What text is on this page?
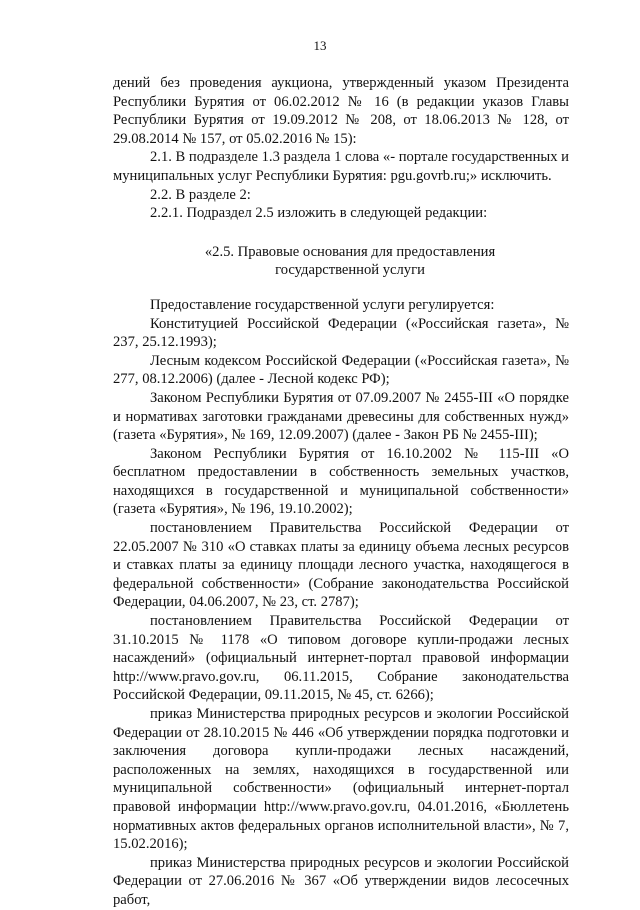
13

дений без проведения аукциона, утвержденный указом Президента Республики Бурятия от 06.02.2012 № 16 (в редакции указов Главы Республики Бурятия от 19.09.2012 № 208, от 18.06.2013 № 128, от 29.08.2014 № 157, от 05.02.2016 № 15):

2.1. В подразделе 1.3 раздела 1 слова «- портале государственных и муниципальных услуг Республики Бурятия: pgu.govrb.ru;» исключить.

2.2. В разделе 2:

2.2.1. Подраздел 2.5 изложить в следующей редакции:

«2.5. Правовые основания для предоставления
государственной услуги

Предоставление государственной услуги регулируется:

Конституцией Российской Федерации («Российская газета», № 237, 25.12.1993);

Лесным кодексом Российской Федерации («Российская газета», № 277, 08.12.2006) (далее - Лесной кодекс РФ);

Законом Республики Бурятия от 07.09.2007 № 2455-III «О порядке и нормативах заготовки гражданами древесины для собственных нужд» (газета «Бурятия», № 169, 12.09.2007) (далее - Закон РБ № 2455-III);

Законом Республики Бурятия от 16.10.2002 № 115-III «О бесплатном предоставлении в собственность земельных участков, находящихся в государственной и муниципальной собственности» (газета «Бурятия», № 196, 19.10.2002);

постановлением Правительства Российской Федерации от 22.05.2007 № 310 «О ставках платы за единицу объема лесных ресурсов и ставках платы за единицу площади лесного участка, находящегося в федеральной собственности» (Собрание законодательства Российской Федерации, 04.06.2007, № 23, ст. 2787);

постановлением Правительства Российской Федерации от 31.10.2015 № 1178 «О типовом договоре купли-продажи лесных насаждений» (официальный интернет-портал правовой информации http://www.pravo.gov.ru, 06.11.2015, Собрание законодательства Российской Федерации, 09.11.2015, № 45, ст. 6266);

приказ Министерства природных ресурсов и экологии Российской Федерации от 28.10.2015 № 446 «Об утверждении порядка подготовки и заключения договора купли-продажи лесных насаждений, расположенных на землях, находящихся в государственной или муниципальной собственности» (официальный интернет-портал правовой информации http://www.pravo.gov.ru, 04.01.2016, «Бюллетень нормативных актов федеральных органов исполнительной власти», № 7, 15.02.2016);

приказ Министерства природных ресурсов и экологии Российской Федерации от 27.06.2016 № 367 «Об утверждении видов лесосечных работ,
